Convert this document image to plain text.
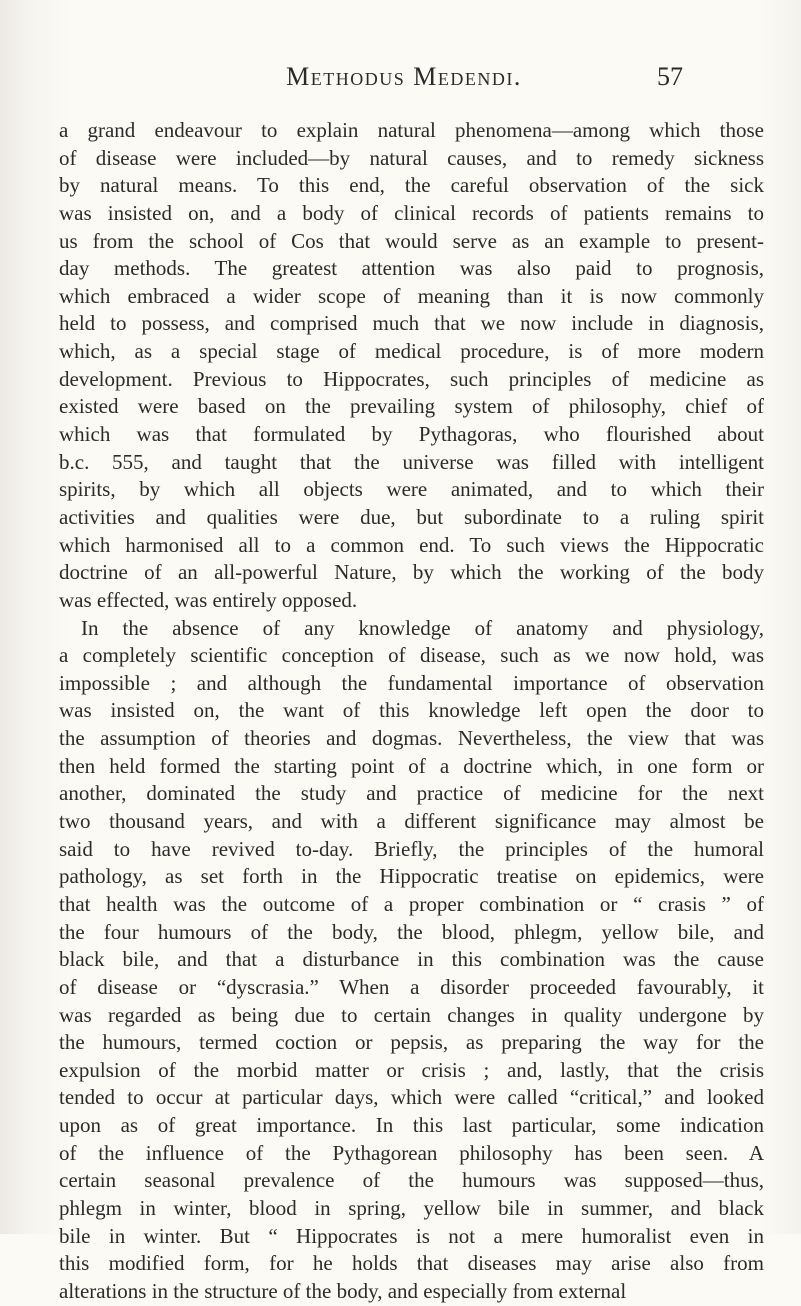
Methodus Medendi.	57
a grand endeavour to explain natural phenomena—among which those
of disease were included—by natural causes, and to remedy sickness
by natural means. To this end, the careful observation of the sick
was insisted on, and a body of clinical records of patients remains to
us from the school of Cos that would serve as an example to present-
day methods. The greatest attention was also paid to prognosis,
which embraced a wider scope of meaning than it is now commonly
held to possess, and comprised much that we now include in diagnosis,
which, as a special stage of medical procedure, is of more modern
development. Previous to Hippocrates, such principles of medicine as
existed were based on the prevailing system of philosophy, chief of
which was that formulated by Pythagoras, who flourished about
b.c. 555, and taught that the universe was filled with intelligent
spirits, by which all objects were animated, and to which their
activities and qualities were due, but subordinate to a ruling spirit
which harmonised all to a common end. To such views the Hippocratic
doctrine of an all-powerful Nature, by which the working of the body
was effected, was entirely opposed.
In the absence of any knowledge of anatomy and physiology,
a completely scientific conception of disease, such as we now hold, was
impossible ; and although the fundamental importance of observation
was insisted on, the want of this knowledge left open the door to
the assumption of theories and dogmas. Nevertheless, the view that was
then held formed the starting point of a doctrine which, in one form or
another, dominated the study and practice of medicine for the next
two thousand years, and with a different significance may almost be
said to have revived to-day. Briefly, the principles of the humoral
pathology, as set forth in the Hippocratic treatise on epidemics, were
that health was the outcome of a proper combination or “ crasis ” of
the four humours of the body, the blood, phlegm, yellow bile, and
black bile, and that a disturbance in this combination was the cause
of disease or “dyscrasia.” When a disorder proceeded favourably, it
was regarded as being due to certain changes in quality undergone by
the humours, termed coction or pepsis, as preparing the way for the
expulsion of the morbid matter or crisis ; and, lastly, that the crisis
tended to occur at particular days, which were called “critical,” and looked
upon as of great importance. In this last particular, some indication
of the influence of the Pythagorean philosophy has been seen. A
certain seasonal prevalence of the humours was supposed—thus,
phlegm in winter, blood in spring, yellow bile in summer, and black
bile in winter. But “ Hippocrates is not a mere humoralist even in
this modified form, for he holds that diseases may arise also from
alterations in the structure of the body, and especially from external
